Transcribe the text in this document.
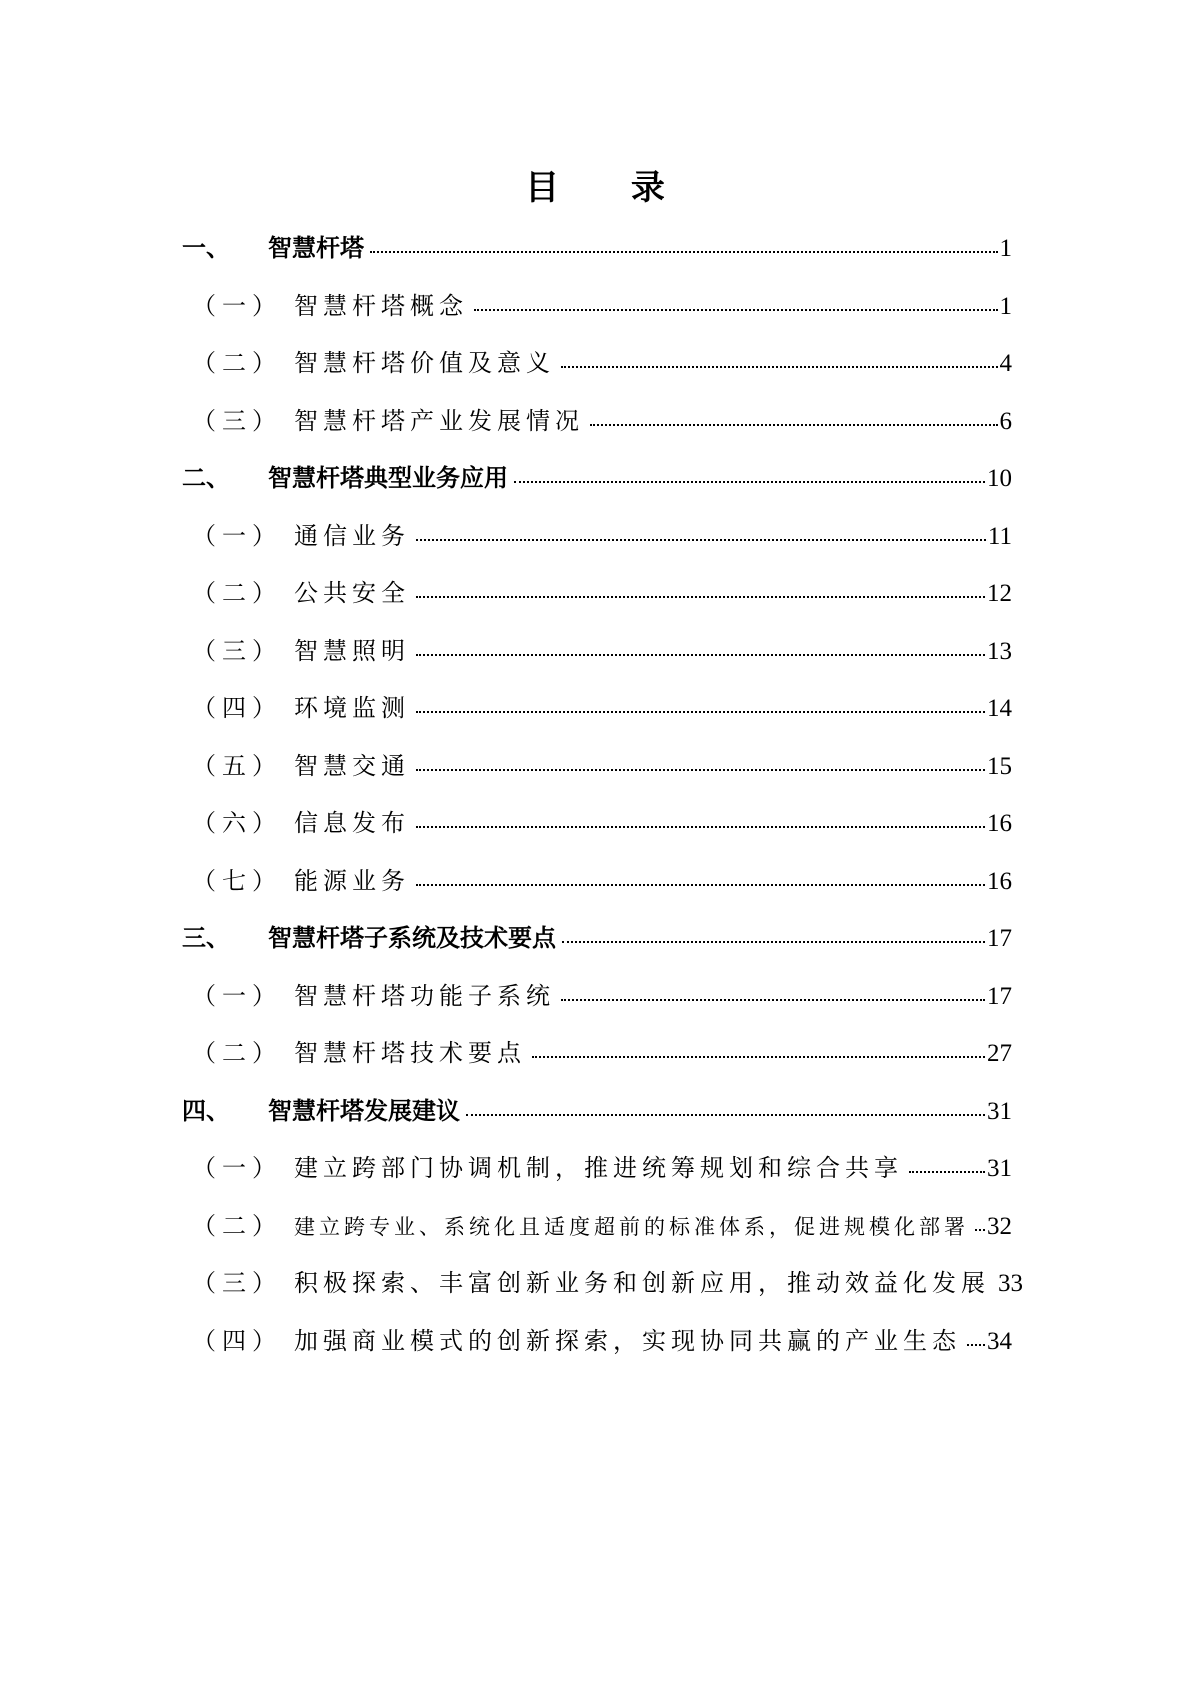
目 录
一、	智慧杆塔	1
（一） 智慧杆塔概念	1
（二） 智慧杆塔价值及意义	4
（三） 智慧杆塔产业发展情况	6
二、	智慧杆塔典型业务应用	10
（一） 通信业务	11
（二） 公共安全	12
（三） 智慧照明	13
（四） 环境监测	14
（五） 智慧交通	15
（六） 信息发布	16
（七） 能源业务	16
三、	智慧杆塔子系统及技术要点	17
（一） 智慧杆塔功能子系统	17
（二） 智慧杆塔技术要点	27
四、	智慧杆塔发展建议	31
（一） 建立跨部门协调机制，推进统筹规划和综合共享	31
（二） 建立跨专业、系统化且适度超前的标准体系，促进规模化部署 32
（三） 积极探索、丰富创新业务和创新应用，推动效益化发展 33
（四） 加强商业模式的创新探索，实现协同共赢的产业生态 34
